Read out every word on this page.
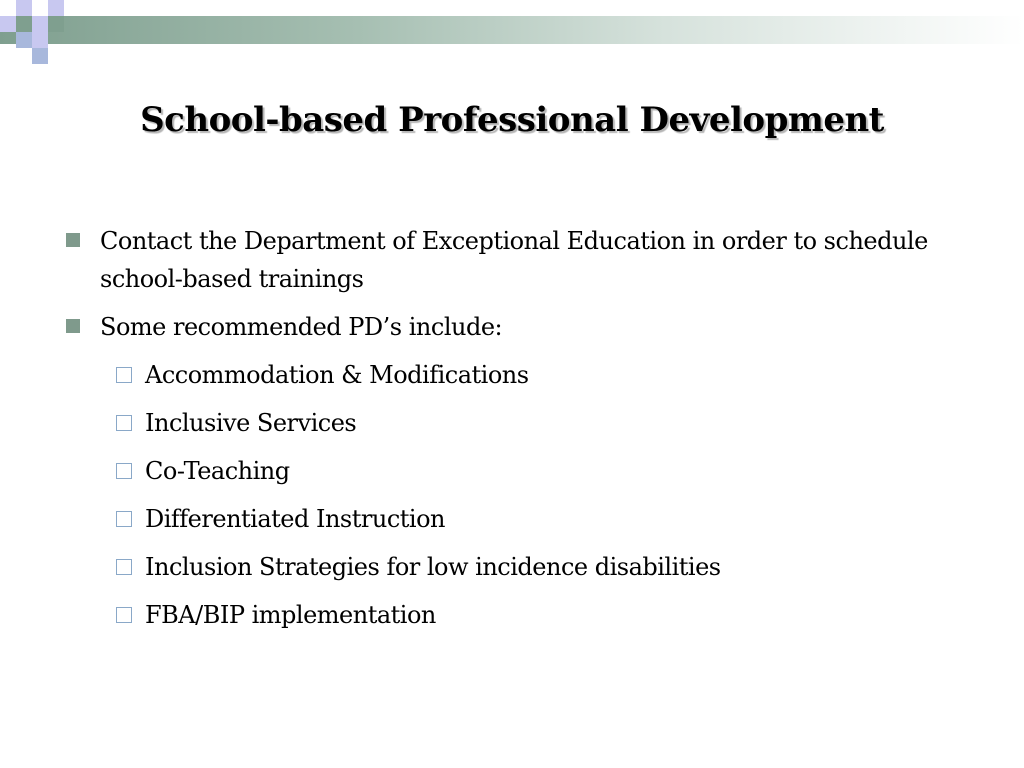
School-based Professional Development
Contact the Department of Exceptional Education in order to schedule school-based trainings
Some recommended PD’s include:
Accommodation & Modifications
Inclusive Services
Co-Teaching
Differentiated Instruction
Inclusion Strategies for low incidence disabilities
FBA/BIP implementation
